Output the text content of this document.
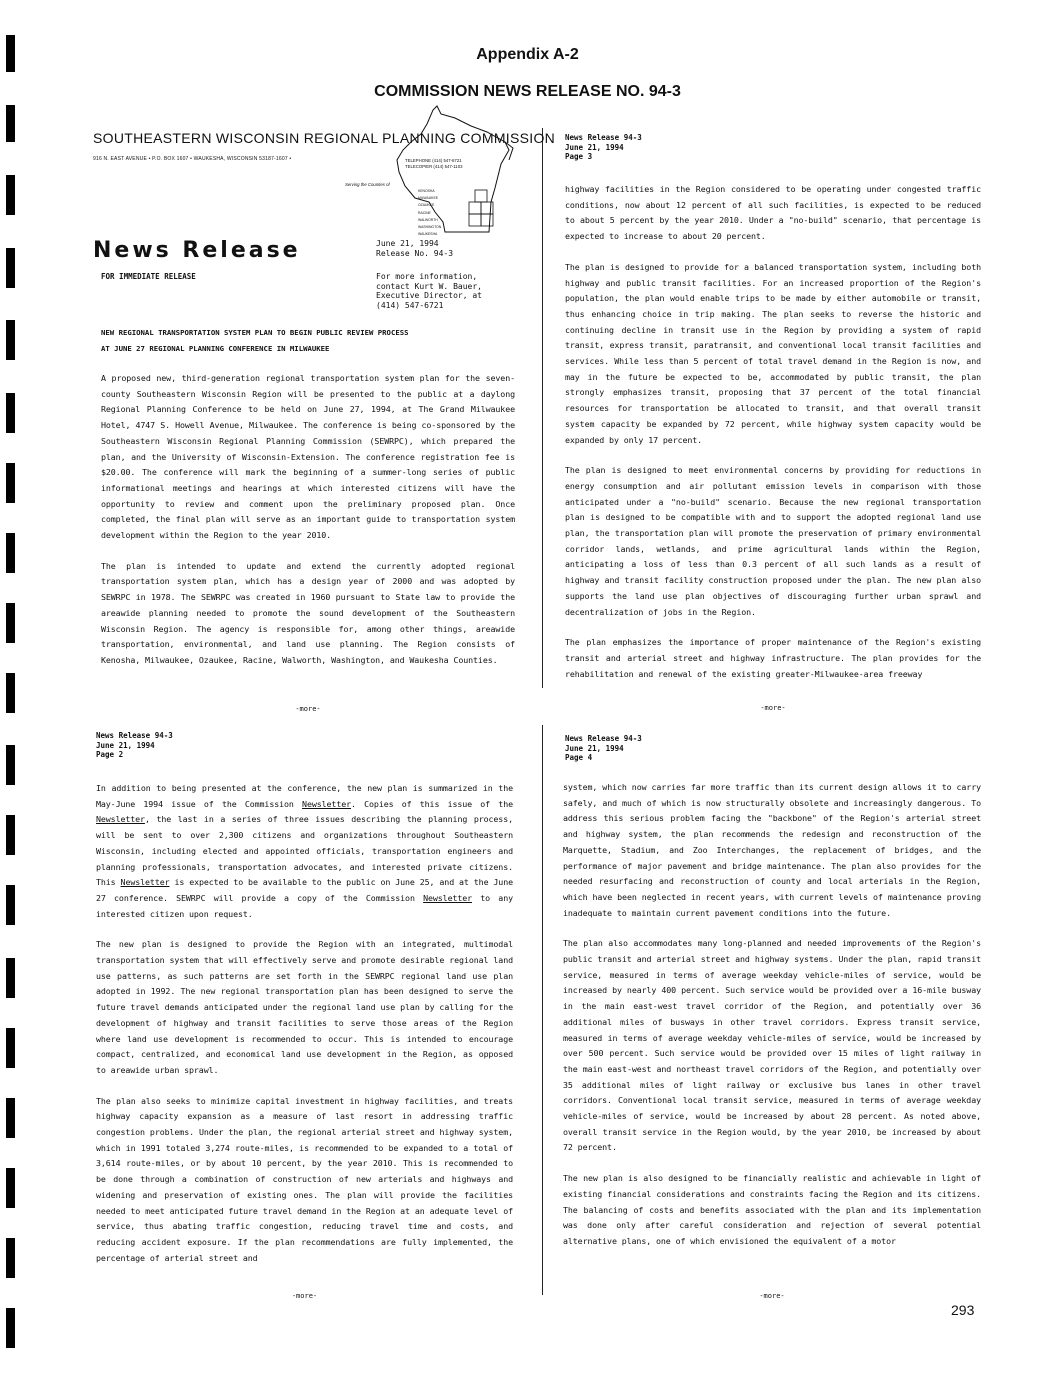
Appendix A-2
COMMISSION NEWS RELEASE NO. 94-3
SOUTHEASTERN WISCONSIN REGIONAL PLANNING COMMISSION
916 N. EAST AVENUE • P.O. BOX 1607 • WAUKESHA, WISCONSIN 53187-1607 •	TELEPHONE (414) 547-6721
TELECOPIER (414) 547-1103
Serving the Counties of
KENOSHA
MILWAUKEE
OZAUKEE
RACINE
WALWORTH
WASHINGTON
WAUKESHA
News Release
FOR IMMEDIATE RELEASE
June 21, 1994
Release No. 94-3
For more information,
contact Kurt W. Bauer,
Executive Director, at
(414) 547-6721
NEW REGIONAL TRANSPORTATION SYSTEM PLAN TO BEGIN PUBLIC REVIEW PROCESS
AT JUNE 27 REGIONAL PLANNING CONFERENCE IN MILWAUKEE

A proposed new, third-generation regional transportation system plan for the seven-county Southeastern Wisconsin Region will be presented to the public at a daylong Regional Planning Conference to be held on June 27, 1994, at The Grand Milwaukee Hotel, 4747 S. Howell Avenue, Milwaukee. The conference is being co-sponsored by the Southeastern Wisconsin Regional Planning Commission (SEWRPC), which prepared the plan, and the University of Wisconsin-Extension. The conference registration fee is $20.00. The conference will mark the beginning of a summer-long series of public informational meetings and hearings at which interested citizens will have the opportunity to review and comment upon the preliminary proposed plan. Once completed, the final plan will serve as an important guide to transportation system development within the Region to the year 2010.

The plan is intended to update and extend the currently adopted regional transportation system plan, which has a design year of 2000 and was adopted by SEWRPC in 1978. The SEWRPC was created in 1960 pursuant to State law to provide the areawide planning needed to promote the sound development of the Southeastern Wisconsin Region. The agency is responsible for, among other things, areawide transportation, environmental, and land use planning. The Region consists of Kenosha, Milwaukee, Ozaukee, Racine, Walworth, Washington, and Waukesha Counties.

-more-
News Release 94-3
June 21, 1994
Page 2

In addition to being presented at the conference, the new plan is summarized in the May-June 1994 issue of the Commission Newsletter. Copies of this issue of the Newsletter, the last in a series of three issues describing the planning process, will be sent to over 2,300 citizens and organizations throughout Southeastern Wisconsin, including elected and appointed officials, transportation engineers and planning professionals, transportation advocates, and interested private citizens. This Newsletter is expected to be available to the public on June 25, and at the June 27 conference. SEWRPC will provide a copy of the Commission Newsletter to any interested citizen upon request.

The new plan is designed to provide the Region with an integrated, multimodal transportation system that will effectively serve and promote desirable regional land use patterns, as such patterns are set forth in the SEWRPC regional land use plan adopted in 1992. The new regional transportation plan has been designed to serve the future travel demands anticipated under the regional land use plan by calling for the development of highway and transit facilities to serve those areas of the Region where land use development is recommended to occur. This is intended to encourage compact, centralized, and economical land use development in the Region, as opposed to areawide urban sprawl.

The plan also seeks to minimize capital investment in highway facilities, and treats highway capacity expansion as a measure of last resort in addressing traffic congestion problems. Under the plan, the regional arterial street and highway system, which in 1991 totaled 3,274 route-miles, is recommended to be expanded to a total of 3,614 route-miles, or by about 10 percent, by the year 2010. This is recommended to be done through a combination of construction of new arterials and highways and widening and preservation of existing ones. The plan will provide the facilities needed to meet anticipated future travel demand in the Region at an adequate level of service, thus abating traffic congestion, reducing travel time and costs, and reducing accident exposure. If the plan recommendations are fully implemented, the percentage of arterial street and

-more-
News Release 94-3
June 21, 1994
Page 3

highway facilities in the Region considered to be operating under congested traffic conditions, now about 12 percent of all such facilities, is expected to be reduced to about 5 percent by the year 2010. Under a "no-build" scenario, that percentage is expected to increase to about 20 percent.

The plan is designed to provide for a balanced transportation system, including both highway and public transit facilities. For an increased proportion of the Region's population, the plan would enable trips to be made by either automobile or transit, thus enhancing choice in trip making. The plan seeks to reverse the historic and continuing decline in transit use in the Region by providing a system of rapid transit, express transit, paratransit, and conventional local transit facilities and services. While less than 5 percent of total travel demand in the Region is now, and may in the future be expected to be, accommodated by public transit, the plan strongly emphasizes transit, proposing that 37 percent of the total financial resources for transportation be allocated to transit, and that overall transit system capacity be expanded by 72 percent, while highway system capacity would be expanded by only 17 percent.

The plan is designed to meet environmental concerns by providing for reductions in energy consumption and air pollutant emission levels in comparison with those anticipated under a "no-build" scenario. Because the new regional transportation plan is designed to be compatible with and to support the adopted regional land use plan, the transportation plan will promote the preservation of primary environmental corridor lands, wetlands, and prime agricultural lands within the Region, anticipating a loss of less than 0.3 percent of all such lands as a result of highway and transit facility construction proposed under the plan. The new plan also supports the land use plan objectives of discouraging further urban sprawl and decentralization of jobs in the Region.

The plan emphasizes the importance of proper maintenance of the Region's existing transit and arterial street and highway infrastructure. The plan provides for the rehabilitation and renewal of the existing greater-Milwaukee-area freeway

-more-
News Release 94-3
June 21, 1994
Page 4

system, which now carries far more traffic than its current design allows it to carry safely, and much of which is now structurally obsolete and increasingly dangerous. To address this serious problem facing the "backbone" of the Region's arterial street and highway system, the plan recommends the redesign and reconstruction of the Marquette, Stadium, and Zoo Interchanges, the replacement of bridges, and the performance of major pavement and bridge maintenance. The plan also provides for the needed resurfacing and reconstruction of county and local arterials in the Region, which have been neglected in recent years, with current levels of maintenance proving inadequate to maintain current pavement conditions into the future.

The plan also accommodates many long-planned and needed improvements of the Region's public transit and arterial street and highway systems. Under the plan, rapid transit service, measured in terms of average weekday vehicle-miles of service, would be increased by nearly 400 percent. Such service would be provided over a 16-mile busway in the main east-west travel corridor of the Region, and potentially over 36 additional miles of busways in other travel corridors. Express transit service, measured in terms of average weekday vehicle-miles of service, would be increased by over 500 percent. Such service would be provided over 15 miles of light railway in the main east-west and northeast travel corridors of the Region, and potentially over 35 additional miles of light railway or exclusive bus lanes in other travel corridors. Conventional local transit service, measured in terms of average weekday vehicle-miles of service, would be increased by about 28 percent. As noted above, overall transit service in the Region would, by the year 2010, be increased by about 72 percent.

The new plan is also designed to be financially realistic and achievable in light of existing financial considerations and constraints facing the Region and its citizens. The balancing of costs and benefits associated with the plan and its implementation was done only after careful consideration and rejection of several potential alternative plans, one of which envisioned the equivalent of a motor

-more-
293
